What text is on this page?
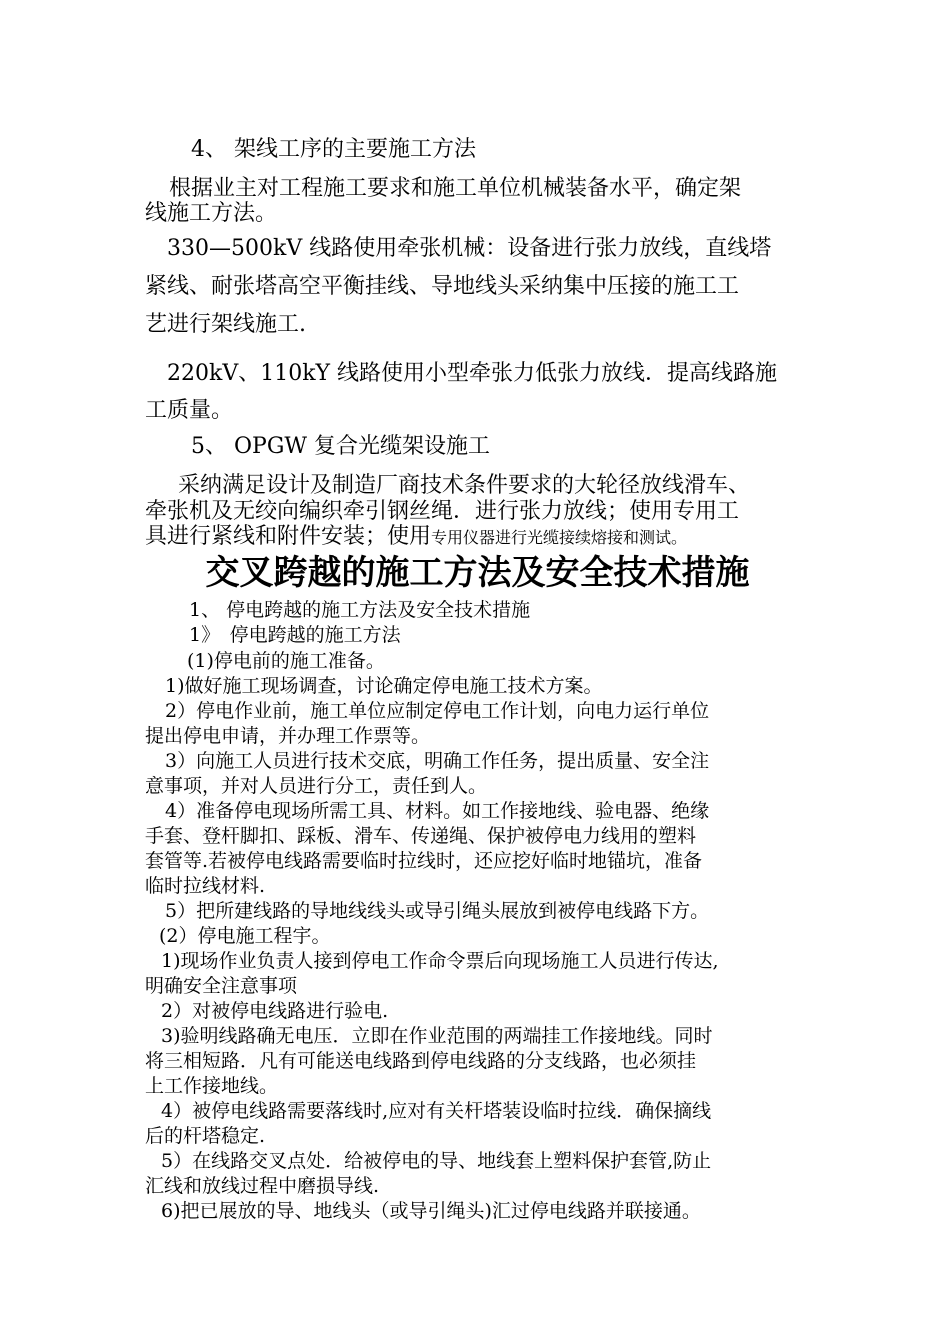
4、 架线工序的主要施工方法
根据业主对工程施工要求和施工单位机械装备水平，确定架
线施工方法。
330—500kV 线路使用牵张机械：设备进行张力放线，直线塔
紧线、耐张塔高空平衡挂线、导地线头采纳集中压接的施工工
艺进行架线施工.
220kV、110kY 线路使用小型牵张力低张力放线．提高线路施
工质量。
5、 OPGW 复合光缆架设施工
采纳满足设计及制造厂商技术条件要求的大轮径放线滑车、
牵张机及无绞向编织牵引钢丝绳．进行张力放线；使用专用工
具进行紧线和附件安装；使用专用仪器进行光缆接续熔接和测试。
交叉跨越的施工方法及安全技术措施
1、 停电跨越的施工方法及安全技术措施
1》　停电跨越的施工方法
(1)停电前的施工准备。
1)做好施工现场调查，讨论确定停电施工技术方案。
2）停电作业前，施工单位应制定停电工作计划，向电力运行单位
提出停电申请，并办理工作票等。
3）向施工人员进行技术交底，明确工作任务，提出质量、安全注
意事项，并对人员进行分工，责任到人。
4）准备停电现场所需工具、材料。如工作接地线、验电器、绝缘
手套、登杆脚扣、踩板、滑车、传递绳、保护被停电力线用的塑料
套管等.若被停电线路需要临时拉线时，还应挖好临时地锚坑，准备
临时拉线材料.
5）把所建线路的导地线线头或导引绳头展放到被停电线路下方。
(2）停电施工程宇。
1)现场作业负责人接到停电工作命令票后向现场施工人员进行传达,
明确安全注意事项
2）对被停电线路进行验电.
3)验明线路确无电压．立即在作业范围的两端挂工作接地线。同时
将三相短路．凡有可能送电线路到停电线路的分支线路，也必须挂
上工作接地线。
4）被停电线路需要落线时,应对有关杆塔装设临时拉线．确保摘线
后的杆塔稳定.
5）在线路交叉点处．给被停电的导、地线套上塑料保护套管,防止
汇线和放线过程中磨损导线.
6)把已展放的导、地线头（或导引绳头)汇过停电线路并联接通。
